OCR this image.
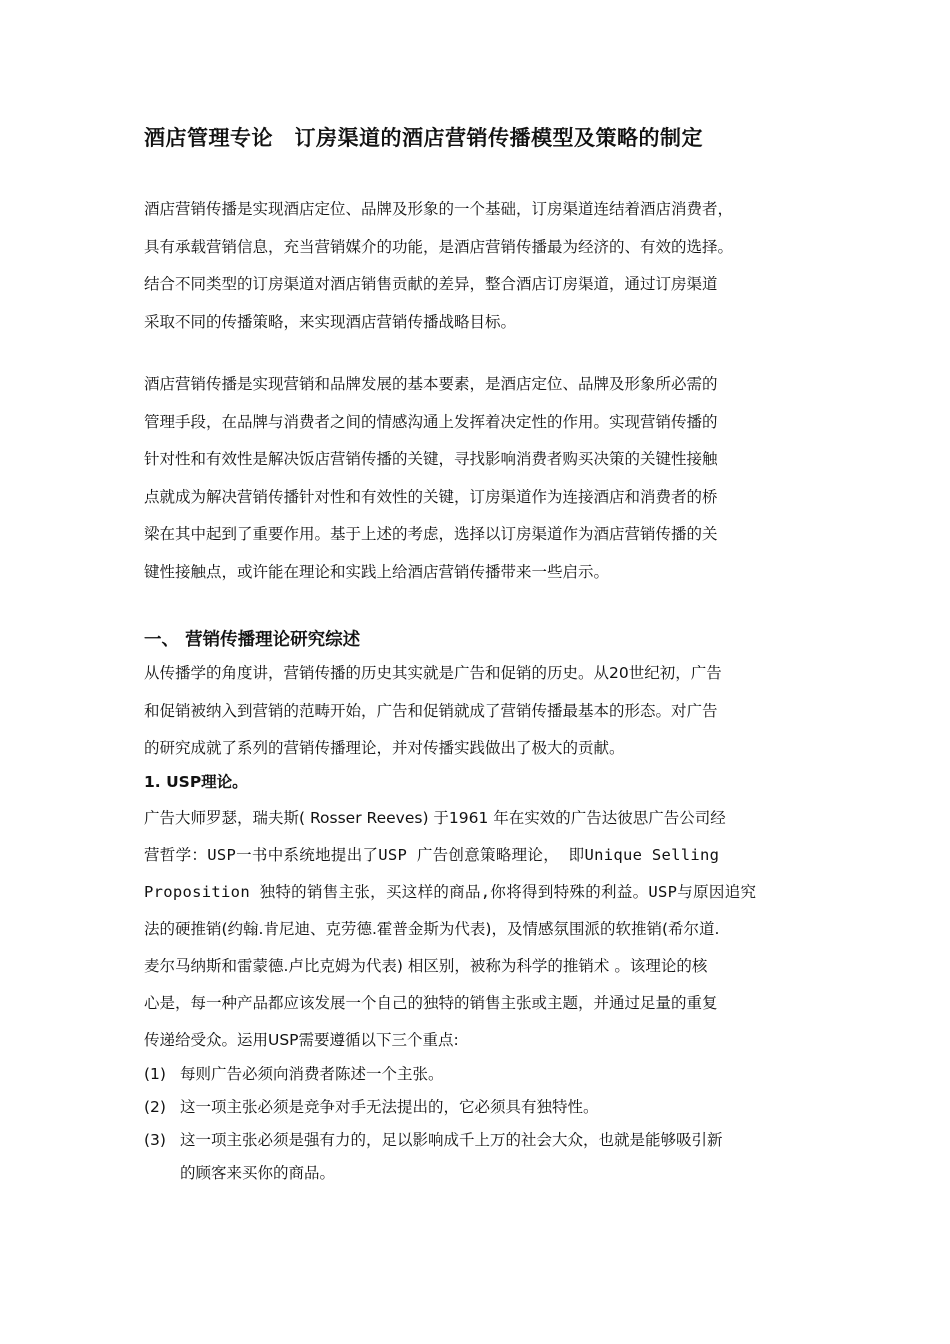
酒店管理专论　订房渠道的酒店营销传播模型及策略的制定

酒店营销传播是实现酒店定位、品牌及形象的一个基础，订房渠道连结着酒店消费者，

具有承载营销信息，充当营销媒介的功能，是酒店营销传播最为经济的、有效的选择。

结合不同类型的订房渠道对酒店销售贡献的差异，整合酒店订房渠道，通过订房渠道

采取不同的传播策略，来实现酒店营销传播战略目标。

酒店营销传播是实现营销和品牌发展的基本要素，是酒店定位、品牌及形象所必需的

管理手段，在品牌与消费者之间的情感沟通上发挥着决定性的作用。实现营销传播的

针对性和有效性是解决饭店营销传播的关键，寻找影响消费者购买决策的关键性接触

点就成为解决营销传播针对性和有效性的关键，订房渠道作为连接酒店和消费者的桥

梁在其中起到了重要作用。基于上述的考虑，选择以订房渠道作为酒店营销传播的关

键性接触点，或许能在理论和实践上给酒店营销传播带来一些启示。

一、 营销传播理论研究综述

从传播学的角度讲，营销传播的历史其实就是广告和促销的历史。从20世纪初，广告

和促销被纳入到营销的范畴开始，广告和促销就成了营销传播最基本的形态。对广告

的研究成就了系列的营销传播理论，并对传播实践做出了极大的贡献。

1. USP理论。

广告大师罗瑟，瑞夫斯( Rosser Reeves) 于1961 年在实效的广告达彼思广告公司经

营哲学：USP一书中系统地提出了USP 广告创意策略理论， 即Unique Selling

Proposition 独特的销售主张，买这样的商品,你将得到特殊的利益。USP与原因追究

法的硬推销(约翰.肯尼迪、克劳德.霍普金斯为代表)，及情感氛围派的软推销(希尔道.

麦尔马纳斯和雷蒙德.卢比克姆为代表) 相区别，被称为科学的推销术 。该理论的核

心是，每一种产品都应该发展一个自己的独特的销售主张或主题，并通过足量的重复

传递给受众。运用USP需要遵循以下三个重点:

(1) 每则广告必须向消费者陈述一个主张。
(2) 这一项主张必须是竞争对手无法提出的，它必须具有独特性。
(3) 这一项主张必须是强有力的，足以影响成千上万的社会大众，也就是能够吸引新
的顾客来买你的商品。
